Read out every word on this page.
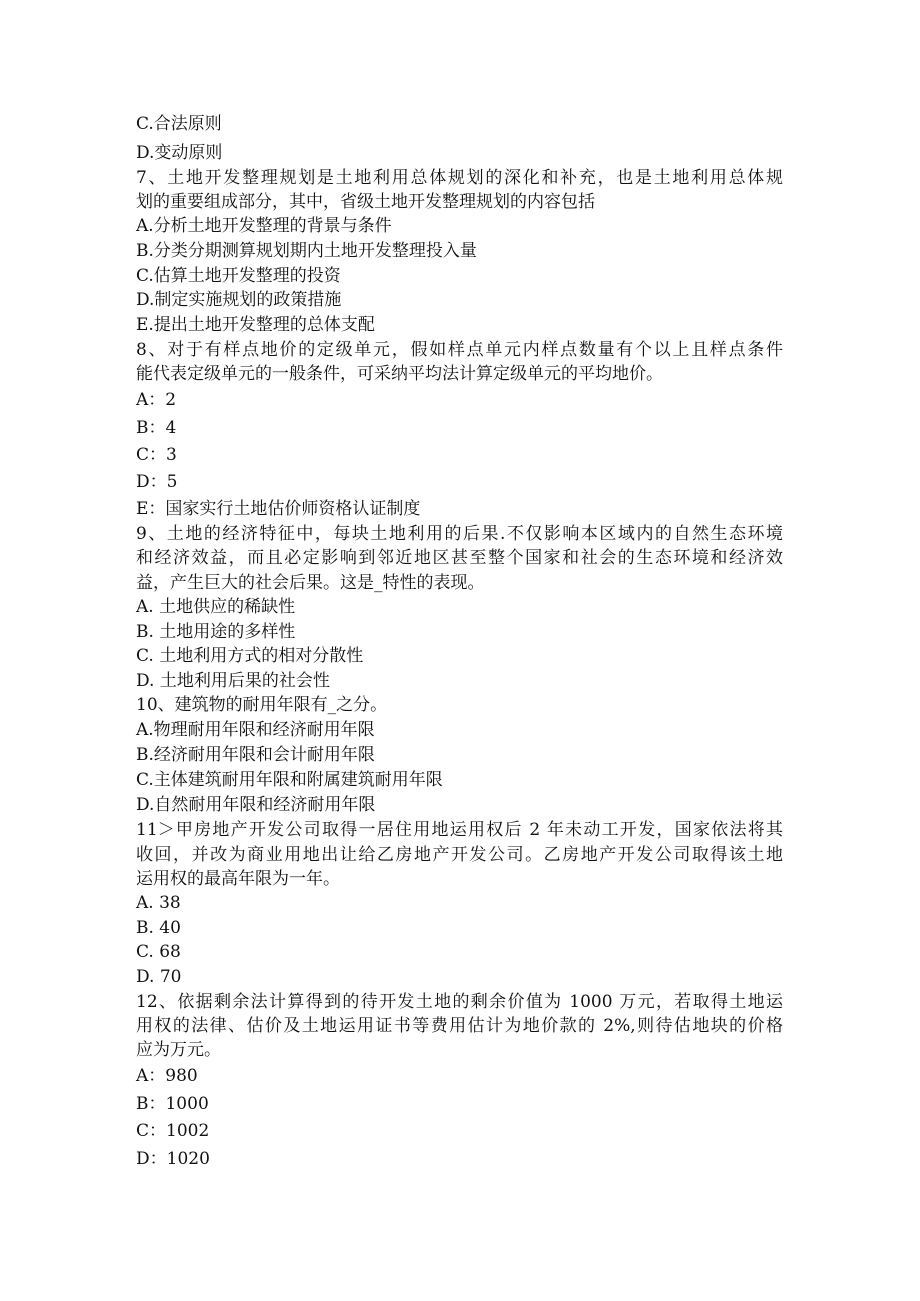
C.合法原则

D.变动原则

7、土地开发整理规划是土地利用总体规划的深化和补充，也是土地利用总体规

划的重要组成部分，其中，省级土地开发整理规划的内容包括

A.分析土地开发整理的背景与条件

B.分类分期测算规划期内土地开发整理投入量

C.估算土地开发整理的投资

D.制定实施规划的政策措施

E.提出土地开发整理的总体支配

8、对于有样点地价的定级单元，假如样点单元内样点数量有个以上且样点条件

能代表定级单元的一般条件，可采纳平均法计算定级单元的平均地价。

A：2

B：4

C：3

D：5

E：国家实行土地估价师资格认证制度

9、土地的经济特征中，每块土地利用的后果.不仅影响本区域内的自然生态环境

和经济效益，而且必定影响到邻近地区甚至整个国家和社会的生态环境和经济效

益，产生巨大的社会后果。这是_特性的表现。

A. 土地供应的稀缺性

B. 土地用途的多样性

C. 土地利用方式的相对分散性

D. 土地利用后果的社会性

10、建筑物的耐用年限有_之分。

A.物理耐用年限和经济耐用年限

B.经济耐用年限和会计耐用年限

C.主体建筑耐用年限和附属建筑耐用年限

D.自然耐用年限和经济耐用年限

11＞甲房地产开发公司取得一居住用地运用权后 2 年未动工开发，国家依法将其

收回，并改为商业用地出让给乙房地产开发公司。乙房地产开发公司取得该土地

运用权的最高年限为一年。

A. 38

B. 40

C. 68

D. 70

12、依据剩余法计算得到的待开发土地的剩余价值为 1000 万元，若取得土地运

用权的法律、估价及土地运用证书等费用估计为地价款的 2%,则待估地块的价格

应为万元。

A：980

B：1000

C：1002

D：1020
